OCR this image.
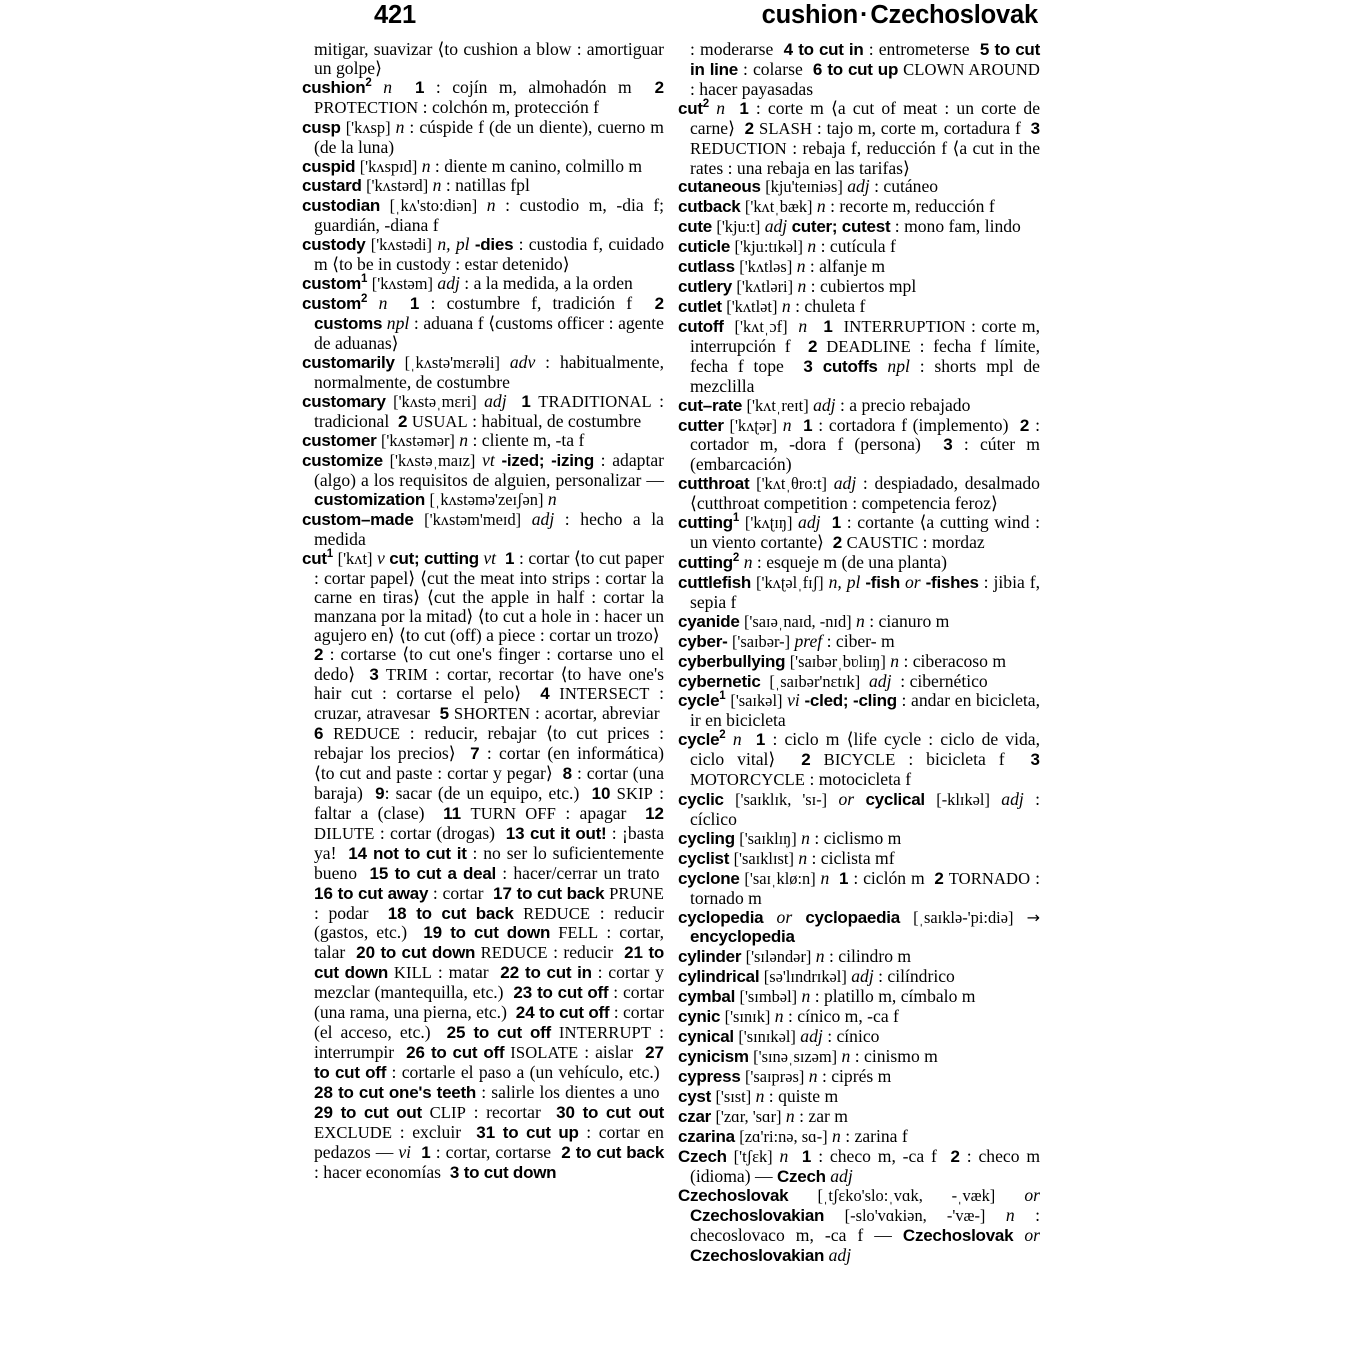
421	cushion·Czechoslovak

mitigar, suavizar ⟨to cushion a blow : amortiguar un golpe⟩

cushion$^2$ n 1 : cojín m, almohadón m 2 PROTECTION : colchón m, protección f

cusp ['kʌsp] n : cúspide f (de un diente), cuerno m (de la luna)

cuspid ['kʌspɪd] n : diente m canino, colmillo m

custard ['kʌstərd] n : natillas fpl

custodian [ˌkʌ'sto:diən] n : custodio m, -dia f; guardián, -diana f

custody ['kʌstədi] n, pl -dies : custodia f, cuidado m ⟨to be in custody : estar detenido⟩

custom$^1$ ['kʌstəm] adj : a la medida, a la orden

custom$^2$ n 1 : costumbre f, tradición f 2 customs npl : aduana f ⟨customs officer : agente de aduanas⟩

customarily [ˌkʌstə'mɛrəli] adv : habitualmente, normalmente, de costumbre

customary ['kʌstəˌmɛri] adj 1 TRADITIONAL : tradicional 2 USUAL : habitual, de costumbre

customer ['kʌstəmər] n : cliente m, -ta f

customize ['kʌstəˌmaɪz] vt -ized; -izing : adaptar (algo) a los requisitos de alguien, personalizar — customization [ˌkʌstəmə'zeɪʃən] n

custom–made ['kʌstəm'meɪd] adj : hecho a la medida

cut$^1$ ['kʌt] v cut; cutting vt 1 : cortar ⟨to cut paper : cortar papel⟩ ⟨cut the meat into strips : cortar la carne en tiras⟩ ⟨cut the apple in half : cortar la manzana por la mitad⟩ ⟨to cut a hole in : hacer un agujero en⟩ ⟨to cut (off) a piece : cortar un trozo⟩  2 : cortarse ⟨to cut one's finger : cortarse uno el dedo⟩ 3 TRIM : cortar, recortar ⟨to have one's hair cut : cortarse el pelo⟩ 4 INTERSECT : cruzar, atravesar 5 SHORTEN : acortar, abreviar  6 REDUCE : reducir, rebajar ⟨to cut prices : rebajar los precios⟩ 7 : cortar (en informática) ⟨to cut and paste : cortar y pegar⟩ 8 : cortar (una baraja) 9: sacar (de un equipo, etc.) 10 SKIP : faltar a (clase) 11 TURN OFF : apagar 12 DILUTE : cortar (drogas) 13 cut it out! : ¡basta ya! 14 not to cut it : no ser lo suficientemente bueno 15 to cut a deal : hacer/cerrar un trato  16 to cut away : cortar 17 to cut back PRUNE : podar 18 to cut back REDUCE : reducir (gastos, etc.) 19 to cut down FELL : cortar, talar 20 to cut down REDUCE : reducir 21 to cut down KILL : matar 22 to cut in : cortar y mezclar (mantequilla, etc.) 23 to cut off : cortar (una rama, una pierna, etc.) 24 to cut off : cortar (el acceso, etc.) 25 to cut off INTERRUPT : interrumpir 26 to cut off ISOLATE : aislar 27 to cut off : cortarle el paso a (un vehículo, etc.)  28 to cut one's teeth : salirle los dientes a uno  29 to cut out CLIP : recortar 30 to cut out EXCLUDE : excluir 31 to cut up : cortar en pedazos — vi 1 : cortar, cortarse 2 to cut back : hacer economías 3 to cut down

: moderarse 4 to cut in : entrometerse 5 to cut in line : colarse 6 to cut up CLOWN AROUND : hacer payasadas

cut$^2$ n 1 : corte m ⟨a cut of meat : un corte de carne⟩ 2 SLASH : tajo m, corte m, cortadura f 3 REDUCTION : rebaja f, reducción f ⟨a cut in the rates : una rebaja en las tarifas⟩

cutaneous [kju'teɪniəs] adj : cutáneo

cutback ['kʌtˌbæk] n : recorte m, reducción f

cute ['kju:t] adj cuter; cutest : mono fam, lindo

cuticle ['kju:tɪkəl] n : cutícula f

cutlass ['kʌtləs] n : alfanje m

cutlery ['kʌtləri] n : cubiertos mpl

cutlet ['kʌtlət] n : chuleta f

cutoff ['kʌtˌɔf] n 1 INTERRUPTION : corte m, interrupción f 2 DEADLINE : fecha f límite, fecha f tope 3 cutoffs npl : shorts mpl de mezclilla

cut–rate ['kʌtˌreɪt] adj : a precio rebajado

cutter ['kʌʈər] n 1 : cortadora f (implemento) 2 : cortador m, -dora f (persona) 3 : cúter m (embarcación)

cutthroat ['kʌtˌθro:t] adj : despiadado, desalmado ⟨cutthroat competition : competencia feroz⟩

cutting$^1$ ['kʌʈɪŋ] adj 1 : cortante ⟨a cutting wind : un viento cortante⟩ 2 CAUSTIC : mordaz

cutting$^2$ n : esqueje m (de una planta)

cuttlefish ['kʌʈəlˌfɪʃ] n, pl -fish or -fishes : jibia f, sepia f

cyanide ['saɪəˌnaɪd, -nɪd] n : cianuro m

cyber- ['saɪbər-] pref : ciber- m

cyberbullying ['saɪbərˌbʋliɪŋ] n : ciberacoso m

cybernetic [ˌsaɪbər'nɛtɪk] adj : cibernético

cycle$^1$ ['saɪkəl] vi -cled; -cling : andar en bicicleta, ir en bicicleta

cycle$^2$ n 1 : ciclo m ⟨life cycle : ciclo de vida, ciclo vital⟩ 2 BICYCLE : bicicleta f 3 MOTORCYCLE : motocicleta f

cyclic ['saɪklɪk, 'sɪ-] or cyclical [-klɪkəl] adj : cíclico

cycling ['saɪklɪŋ] n : ciclismo m

cyclist ['saɪklɪst] n : ciclista mf

cyclone ['saɪˌklø:n] n 1 : ciclón m 2 TORNADO : tornado m

cyclopedia or cyclopaedia [ˌsaɪklə-'pi:diə] → encyclopedia

cylinder ['sɪləndər] n : cilindro m

cylindrical [sə'lɪndrɪkəl] adj : cilíndrico

cymbal ['sɪmbəl] n : platillo m, címbalo m

cynic ['sɪnɪk] n : cínico m, -ca f

cynical ['sɪnɪkəl] adj : cínico

cynicism ['sɪnəˌsɪzəm] n : cinismo m

cypress ['saɪprəs] n : ciprés m

cyst ['sɪst] n : quiste m

czar ['zɑr, 'sɑr] n : zar m

czarina [zɑ'ri:nə, sɑ-] n : zarina f

Czech ['tʃɛk] n 1 : checo m, -ca f 2 : checo m (idioma) — Czech adj

Czechoslovak [ˌtʃɛko'slo:ˌvɑk, -ˌvæk] or Czechoslovakian [-slo'vɑkiən, -'væ-] n : checoslovaco m, -ca f — Czechoslovak or Czechoslovakian adj
